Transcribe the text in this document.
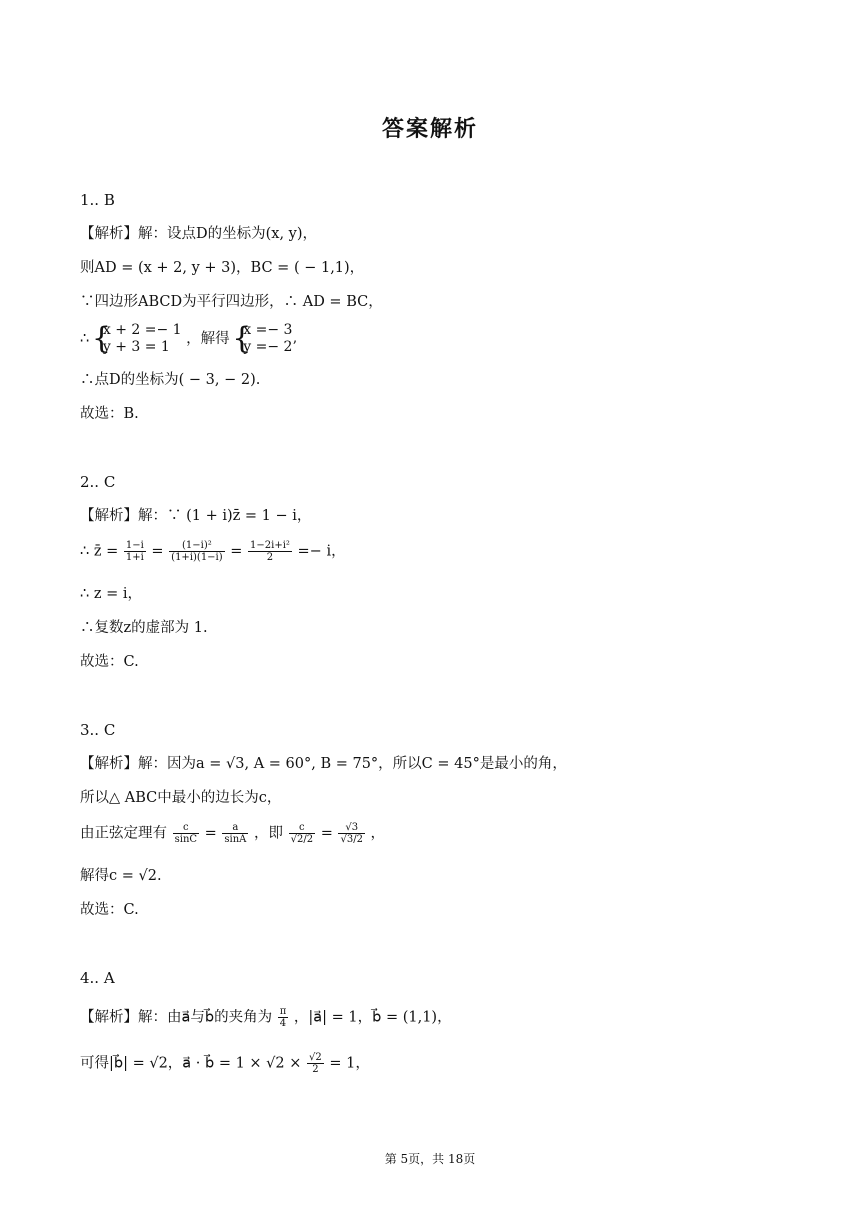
答案解析
1.. B
【解析】解：设点D的坐标为(x, y)，
则AD = (x + 2, y + 3)，BC = ( − 1,1)，
∵四边形ABCD为平行四边形，∴ AD = BC，
∴
{ x + 2 =− 1
y + 3 = 1	，解得
{ x =− 3
y =− 2’
∴点D的坐标为( − 3, − 2).
故选：B.
2.. C
【解析】解：∵ (1 + i)z̄ = 1 − i，
∴ z̄ = $\frac{1-i}{1+i} = \frac{\text{(1−i)²}}{(1+i)(1-i)} = \frac{\text{1−2i+i²}}{2} =- i$，
∴ z = i，
∴复数z的虚部为 1.
故选：C.
3.. C
【解析】解：因为a = √3, A = 60°, B = 75°，所以C = 45°是最小的角，
所以△ ABC中最小的边长为c，
由正弦定理有 $\frac{c}{\sin C} = \frac{a}{\sin A}$ ，即 $\frac{c}{√2/2} = \frac{√3}{√3/2}$ ，
解得c = √2.
故选：C.
4.. A
【解析】解：由a⃗与b⃗的夹角为 $\frac{\pi}{4}$ ，|a⃗| = 1，b⃗ = (1,1)，
可得|b⃗| = √2，a⃗ · b⃗ = $1 \times √2 \times \frac{√2}{2} = 1$，
第 5页，共 18页
